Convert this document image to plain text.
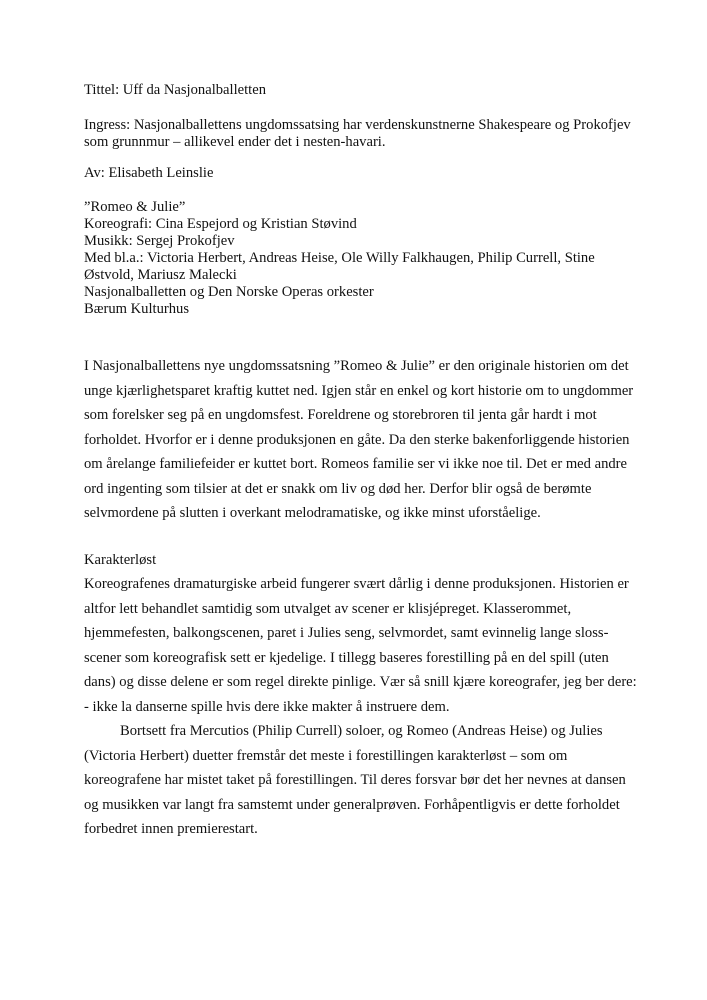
Tittel: Uff da Nasjonalballetten
Ingress: Nasjonalballettens ungdomssatsing har verdenskunstnerne Shakespeare og Prokofjev
som grunnmur – allikevel ender det i nesten-havari.
Av: Elisabeth Leinslie
”Romeo & Julie”
Koreografi: Cina Espejord og Kristian Støvind
Musikk: Sergej Prokofjev
Med bl.a.: Victoria Herbert, Andreas Heise, Ole Willy Falkhaugen, Philip Currell, Stine
Østvold, Mariusz Malecki
Nasjonalballetten og Den Norske Operas orkester
Bærum Kulturhus
I Nasjonalballettens nye ungdomssatsning ”Romeo & Julie” er den originale historien om det
unge kjærlighetsparet kraftig kuttet ned. Igjen står en enkel og kort historie om to ungdommer
som forelsker seg på en ungdomsfest. Foreldrene og storebroren til jenta går hardt i mot
forholdet. Hvorfor er i denne produksjonen en gåte. Da den sterke bakenforliggende historien
om årelange familiefeider er kuttet bort. Romeos familie ser vi ikke noe til. Det er med andre
ord ingenting som tilsier at det er snakk om liv og død her. Derfor blir også de berømte
selvmordene på slutten i overkant melodramatiske, og ikke minst uforståelige.
Karakterløst
Koreografenes dramaturgiske arbeid fungerer svært dårlig i denne produksjonen. Historien er
altfor lett behandlet samtidig som utvalget av scener er klisjépreget. Klasserommet,
hjemmefesten, balkongscenen, paret i Julies seng, selvmordet, samt evinnelig lange sloss-
scener som koreografisk sett er kjedelige. I tillegg baseres forestilling på en del spill (uten
dans) og disse delene er som regel direkte pinlige. Vær så snill kjære koreografer, jeg ber dere:
- ikke la danserne spille hvis dere ikke makter å instruere dem.
Bortsett fra Mercutios (Philip Currell) soloer, og Romeo (Andreas Heise) og Julies
(Victoria Herbert) duetter fremstår det meste i forestillingen karakterløst – som om
koreografene har mistet taket på forestillingen. Til deres forsvar bør det her nevnes at dansen
og musikken var langt fra samstemt under generalprøven. Forhåpentligvis er dette forholdet
forbedret innen premierestart.
